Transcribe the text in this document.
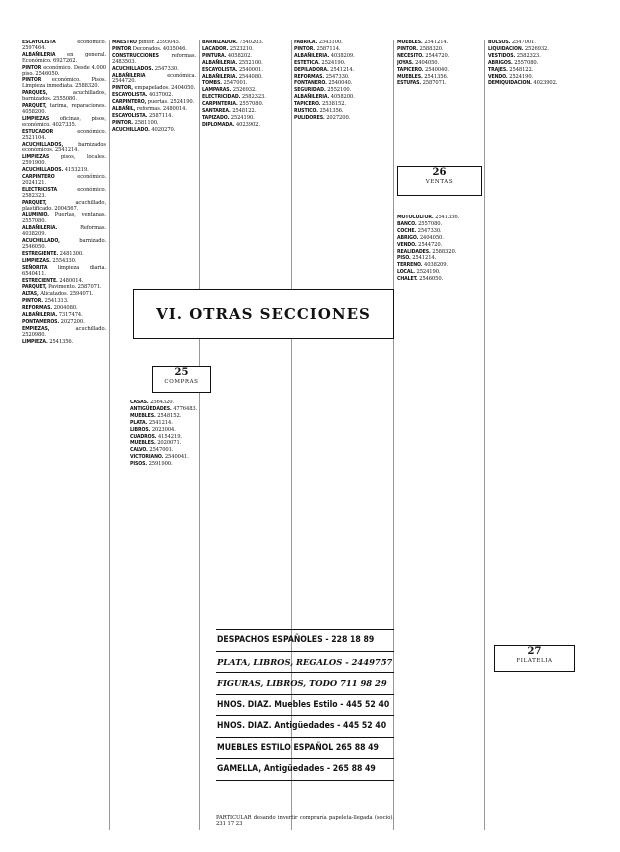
ESCAYOLISTA económico. 2597464.
ALBAÑILERIA en general. Económico. 6927262.
PINTOR económico. Desde 4.000 piso. 2546050.
PINTOR económico. Pisos. Limpieza inmediata. 2588320.
PARQUES, acuchillados, barnizados. 2555080.
PARQUET, tarima, reparaciones. 4058200.
LIMPIEZAS oficinas, pisos, económico. 4027335.
ESTUCADOR económico. 2521104.
ACUCHILLADOS, barnizados económicos. 2541214.
LIMPIEZAS pisos, locales. 2591900.
ACUCHILLADOS. 4153219.
CARPINTERO económico. 2024121.
ELECTRICISTA económico. 2582323.
PARQUET, acuchillado, plastificado. 2004567.
ALUMINIO. Puertas, ventanas. 2557080.
ALBAÑILERIA. Reformas. 4038209.
ACUCHILLADO, barnizado. 2546050.
ESTREGIENTE. 2481300.
LIMPIEZAS. 2554330.
SEÑORITA limpieza diaria. 6540411.
ESTRECIENTE. 2480014.
PARQUET, Pavimento. 2587071.
ALTAS, Alicatados. 2594071.
PINTOR. 2541313.
REFORMAS. 2004080.
ALBAÑILERIA. 7317474.
PONTAMEROS. 2027200.
EMPIEZAS, acuchillado. 2520980.
LIMPIEZA. 2541356.
MAESTRO pintor. 2595045.
PINTOR Decorados. 4035046.
CONSTRUCCIONES reformas. 2483503.
ACUCHILLADOS. 2547330.
ALBAÑILERIA económica. 2544720.
PINTOR, empapelados. 2404050.
ESCAYOLISTA. 4037002.
CARPINTERO, puertas. 2524190.
ALBAÑIL, reformas. 2480014.
ESCAYOLISTA. 2587114.
PINTOR. 2581100.
ACUCHILLADO. 4020270.
BARNIZADOR. 7540203.
LACADOR. 2523210.
PINTURA. 4058202.
ALBAÑILERIA. 2552100.
ESCAYOLISTA. 2540001.
ALBAÑILERIA. 2544080.
TOMBS. 2547001.
LAMPARAS. 2526932.
ELECTRICIDAD. 2582323.
CARPINTERIA. 2557080.
SANTAREA. 2548122.
TAPIZADO. 2524190.
DIPLOMADA. 4023902.
FABRICA. 2543100.
PINTOR. 2587114.
ALBAÑILERIA. 4038209.
ESTETICA. 2524190.
DEPILADORA. 2541214.
REFORMAS. 2547330.
FONTANERO. 2540040.
SEGURIDAD. 2552100.
ALBAÑILERIA. 4058200.
TAPICERO. 2538152.
RUSTICO. 2541356.
PULIDORES. 2027200.
MUEBLES. 2541214.
PINTOR. 2588320.
NECESITO. 2544720.
JOYAS. 2404050.
TAPICERO. 2540040.
MUEBLES. 2541356.
ESTUFAS. 2587071.
BOLSOS. 2547001.
LIQUIDACION. 2526932.
VESTIDOS. 2582323.
ABRIGOS. 2557080.
TRAJES. 2548122.
VENDO. 2524190.
DEMIQUIDACION. 4023902.
CASAS. 2564320.
ANTIGÜEDADES. 4776483.
MUEBLES. 2548152.
PLATA. 2541214.
LIBROS. 2023004.
CUADROS. 4154219.
MUEBLES. 2020071.
CALVO. 2547001.
VICTORIANO. 2540041.
PISOS. 2591900.
MOTOCULTOR. 2541356.
BANCO. 2557080.
COCHE. 2547330.
ABRIGO. 2404050.
VENDO. 2544720.
REALIDADES. 2588320.
PISO. 2541214.
TERRENO. 4038209.
LOCAL. 2524190.
CHALET. 2546050.
VI. OTRAS SECCIONES
25
COMPRAS
26
VENTAS
27
FILATELIA
DESPACHOS ESPAÑOLES - 228 18 89
PLATA, LIBROS, REGALOS - 2449757
FIGURAS, LIBROS, TODO 711 98 29
HNOS. DIAZ. Muebles Estilo - 445 52 40
HNOS. DIAZ. Antigüedades - 445 52 40
MUEBLES ESTILO ESPAÑOL 265 88 49
GAMELLA, Antigüedades - 265 88 49
PARTICULAR desando invertir compraría papeleta-llegada (socio). 231 17 23
